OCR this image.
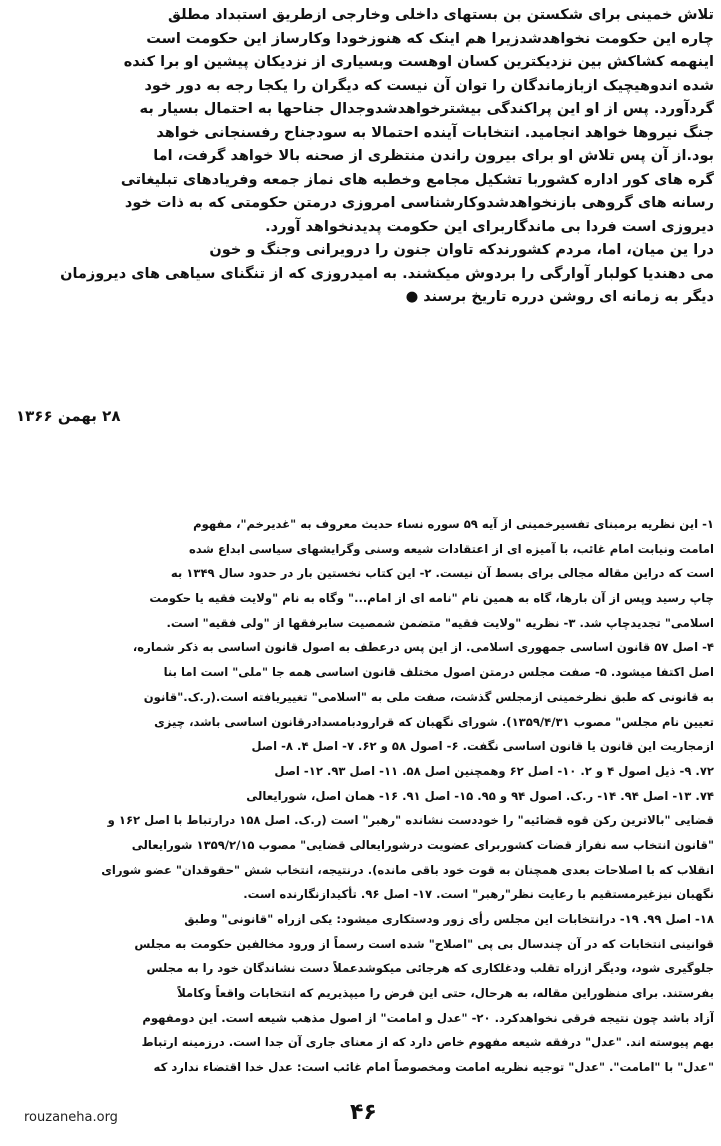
تلاش خمینی برای شکستن بن بستهای داخلی وخارجی ازطریق استبداد مطلق
چاره این حکومت نخواهدشدزیرا هم اینک که هنوزخودا وکارساز این حکومت است
اینهمه کشاکش بین نزدیکترین کسان اوهست وبسیاری از نزدیکان پیشین او برا کنده
شده اندوهیچیک ازبازماندگان را توان آن نیست که دیگران را یکجا رجه به دور خود
گردآورد. پس از او این پراکندگی بیشترخواهدشدوجدال جناحها به احتمال بسیار به
جنگ نیروها خواهد انجامید. انتخابات آینده احتمالا به سودجناح رفسنجانی خواهد
بود.از آن پس تلاش او برای بیرون راندن منتظری از صحنه بالا خواهد گرفت، اما
گره های کور اداره کشوربا تشکیل مجامع وخطبه های نماز جمعه وفریادهای تبلیغاتی
رسانه های گروهی بازنخواهدشدوکارشناسی امروزی درمتن حکومتی که به ذات خود
دیروزی است فردا بی ماندگاربرای این حکومت پدیدنخواهد آورد.
درا ین میان، اما، مردم کشورندکه تاوان جنون را درویرانی وجنگ و خون
می دهندیا کولبار آوارگی را بردوش میکشند. به امیدروزی که از تنگنای سیاهی های دیروزمان
دیگر به زمانه ای روشن درره تاریخ برسند ●
۲۸ بهمن ۱۳۶۶
۱- این نظریه برمبنای تفسیرخمینی از آیه ۵۹ سوره نساء حدیث معروف به "غدیرخم"، مفهوم
امامت ونیابت امام غائب، با آمیزه ای از اعتقادات شیعه وسنی وگرایشهای سیاسی ابداع شده
است که دراین مقاله مجالی برای بسط آن نیست. ۲- این کتاب نخستین بار در حدود سال ۱۳۴۹ به
چاپ رسید وپس از آن بارها، گاه به همین نام "نامه ای از امام..." وگاه به نام "ولایت فقیه یا حکومت
اسلامی" تجدیدچاپ شد. ۳- نظریه "ولایت فقیه" متضمن شمصیت سابرفقها از "ولی فقیه" است.
۴- اصل ۵۷ قانون اساسی جمهوری اسلامی. از این پس درعطف به اصول قانون اساسی به ذکر شماره،
اصل اکتفا میشود. ۵- صفت مجلس درمتن اصول مختلف قانون اساسی همه جا "ملی" است اما بنا
به قانونی که طبق نظرخمینی ازمجلس گذشت، صفت ملی به "اسلامی" تغییریافته است.(ر.ک."قانون
تعیین نام مجلس" مصوب ۱۳۵۹/۴/۳۱). شورای نگهبان که قرارودبامسدادرقانون اساسی باشد، چیزی
ازمجاریت این قانون یا قانون اساسی نگفت. ۶- اصول ۵۸ و ۶۲. ۷- اصل ۴. ۸- اصل
۷۲. ۹- ذیل اصول ۴ و ۲. ۱۰- اصل ۶۲ وهمچنین اصل ۵۸. ۱۱- اصل ۹۳. ۱۲- اصل
۷۴. ۱۳- اصل ۹۴. ۱۴- ر.ک. اصول ۹۴ و ۹۵. ۱۵- اصل ۹۱. ۱۶- همان اصل، شورایعالی
قضایی "بالاترین رکن قوه قضائیه" را خوددست نشانده "رهبر" است (ر.ک. اصل ۱۵۸ درارتباط با اصل ۱۶۲ و
"قانون انتخاب سه نفراز قضات کشوربرای عضویت درشورایعالی قضایی" مصوب ۱۳۵۹/۲/۱۵ شورایعالی
انقلاب که با اصلاحات بعدی همچنان به قوت خود باقی مانده). درنتیجه، انتخاب شش "حقوقدان" عضو شورای
نگهبان نیزغیرمستقیم با رعایت نظر"رهبر" است. ۱۷- اصل ۹۶. تأکیدازنگارنده است.
۱۸- اصل ۹۹. ۱۹- درانتخابات این مجلس رأی زور ودستکاری میشود: یکی ازراه "قانونی" وطبق
قوانینی انتخابات که در آن چندسال بی پی "اصلاح" شده است رسماً از ورود مخالفین حکومت به مجلس
جلوگیری شود، ودیگر ازراه تقلب ودغلکاری که هرجائی میکوشدعملاً دست نشاندگان خود را به مجلس
بفرستند. برای منظوراین مقاله، به هرحال، حتی این فرض را میپذیریم که انتخابات واقعاً وکاملاً
آزاد باشد چون نتیجه فرقی نخواهدکرد. ۲۰- "عدل و امامت" از اصول مذهب شیعه است. این دومفهوم
بهم پیوسته اند. "عدل" درفقه شیعه مفهوم خاص دارد که از معنای جاری آن جدا است. درزمینه ارتباط
"عدل" با "امامت". "عدل" توجیه نظریه امامت ومخصوصاً امام غائب است: عدل خدا اقتضاء ندارد که
rouzaneha.org	۴۶
